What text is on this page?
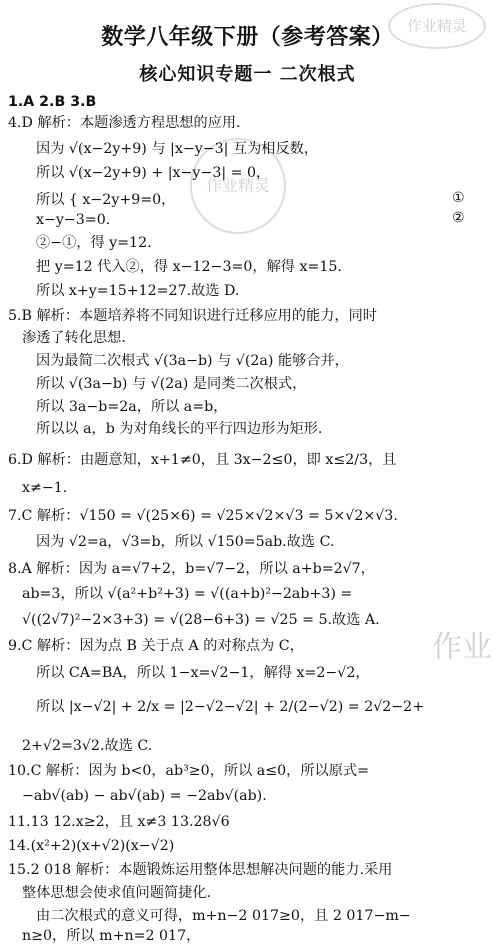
作业精灵
作业精灵
作业
数学八年级下册（参考答案）
核心知识专题一 二次根式
1.A 2.B 3.B
4.D 解析：本题渗透方程思想的应用.
因为 √(x−2y+9) 与 |x−y−3| 互为相反数，
所以 √(x−2y+9) + |x−y−3| = 0，
所以 { x−2y+9=0，
x−y−3=0.
①
②
②−①，得 y=12.
把 y=12 代入②，得 x−12−3=0，解得 x=15.
所以 x+y=15+12=27.故选 D.
5.B 解析：本题培养将不同知识进行迁移应用的能力，同时
渗透了转化思想.
因为最简二次根式 √(3a−b) 与 √(2a) 能够合并，
所以 √(3a−b) 与 √(2a) 是同类二次根式，
所以 3a−b=2a，所以 a=b，
所以以 a，b 为对角线长的平行四边形为矩形.
6.D 解析：由题意知，x+1≠0，且 3x−2≤0，即 x≤2/3，且
x≠−1.
7.C 解析：√150 = √(25×6) = √25×√2×√3 = 5×√2×√3.
因为 √2=a，√3=b，所以 √150=5ab.故选 C.
8.A 解析：因为 a=√7+2，b=√7−2，所以 a+b=2√7，
ab=3，所以 √(a²+b²+3) = √((a+b)²−2ab+3) =
√((2√7)²−2×3+3) = √(28−6+3) = √25 = 5.故选 A.
9.C 解析：因为点 B 关于点 A 的对称点为 C，
所以 CA=BA，所以 1−x=√2−1，解得 x=2−√2，
所以 |x−√2| + 2/x = |2−√2−√2| + 2/(2−√2) = 2√2−2+
2+√2=3√2.故选 C.
10.C 解析：因为 b<0，ab³≥0，所以 a≤0，所以原式=
−ab√(ab) − ab√(ab) = −2ab√(ab).
11.13 12.x≥2，且 x≠3 13.28√6
14.(x²+2)(x+√2)(x−√2)
15.2 018 解析：本题锻炼运用整体思想解决问题的能力.采用
整体思想会使求值问题简捷化.
由二次根式的意义可得，m+n−2 017≥0，且 2 017−m−
n≥0，所以 m+n=2 017，
